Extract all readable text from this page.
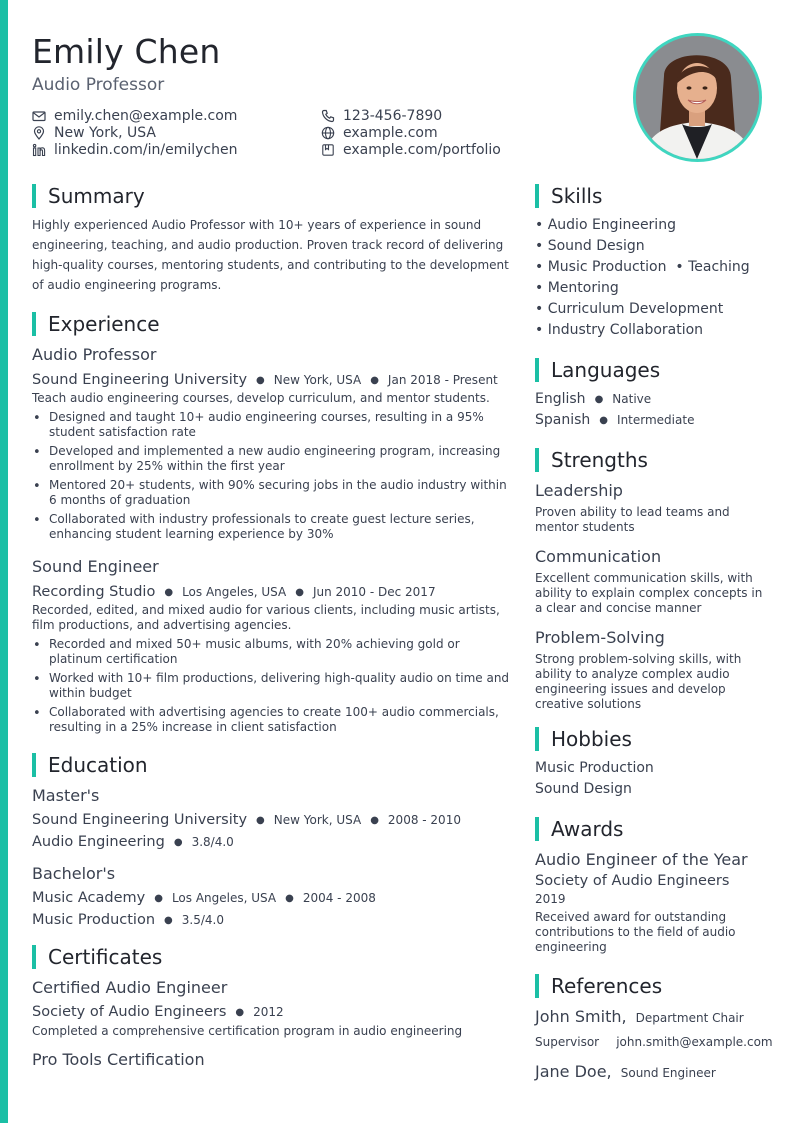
Emily Chen
Audio Professor
emily.chen@example.com
New York, USA
linkedin.com/in/emilychen
123-456-7890
example.com
example.com/portfolio
Summary
Highly experienced Audio Professor with 10+ years of experience in sound engineering, teaching, and audio production. Proven track record of delivering high-quality courses, mentoring students, and contributing to the development of audio engineering programs.
Experience
Audio Professor
Sound Engineering University ● New York, USA ● Jan 2018 - Present
Teach audio engineering courses, develop curriculum, and mentor students.
• Designed and taught 10+ audio engineering courses, resulting in a 95% student satisfaction rate
• Developed and implemented a new audio engineering program, increasing enrollment by 25% within the first year
• Mentored 20+ students, with 90% securing jobs in the audio industry within 6 months of graduation
• Collaborated with industry professionals to create guest lecture series, enhancing student learning experience by 30%
Sound Engineer
Recording Studio ● Los Angeles, USA ● Jun 2010 - Dec 2017
Recorded, edited, and mixed audio for various clients, including music artists, film productions, and advertising agencies.
• Recorded and mixed 50+ music albums, with 20% achieving gold or platinum certification
• Worked with 10+ film productions, delivering high-quality audio on time and within budget
• Collaborated with advertising agencies to create 100+ audio commercials, resulting in a 25% increase in client satisfaction
Education
Master's
Sound Engineering University ● New York, USA ● 2008 - 2010
Audio Engineering ● 3.8/4.0
Bachelor's
Music Academy ● Los Angeles, USA ● 2004 - 2008
Music Production ● 3.5/4.0
Certificates
Certified Audio Engineer
Society of Audio Engineers ● 2012
Completed a comprehensive certification program in audio engineering
Pro Tools Certification
Skills
• Audio Engineering
• Sound Design
• Music Production  • Teaching
• Mentoring
• Curriculum Development
• Industry Collaboration
Languages
English ● Native
Spanish ● Intermediate
Strengths
Leadership
Proven ability to lead teams and mentor students
Communication
Excellent communication skills, with ability to explain complex concepts in a clear and concise manner
Problem-Solving
Strong problem-solving skills, with ability to analyze complex audio engineering issues and develop creative solutions
Hobbies
Music Production
Sound Design
Awards
Audio Engineer of the Year
Society of Audio Engineers
2019
Received award for outstanding contributions to the field of audio engineering
References
John Smith, Department Chair
Supervisor john.smith@example.com
Jane Doe, Sound Engineer
